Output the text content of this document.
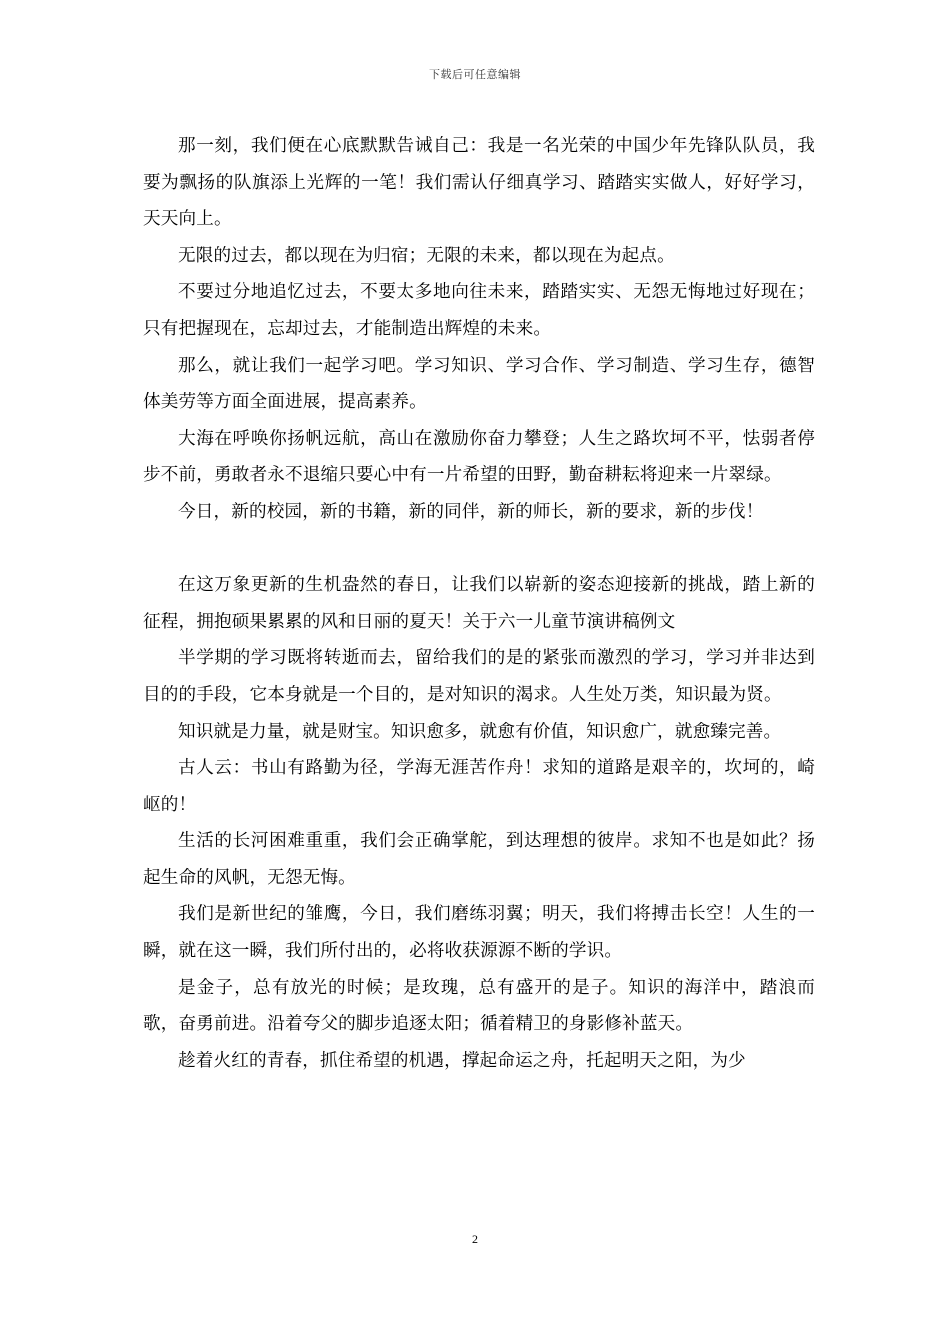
下载后可任意编辑

那一刻，我们便在心底默默告诫自己：我是一名光荣的中国少年先锋队队员，我要为飘扬的队旗添上光辉的一笔！我们需认仔细真学习、踏踏实实做人，好好学习，天天向上。

无限的过去，都以现在为归宿；无限的未来，都以现在为起点。

不要过分地追忆过去，不要太多地向往未来，踏踏实实、无怨无悔地过好现在；只有把握现在，忘却过去，才能制造出辉煌的未来。

那么，就让我们一起学习吧。学习知识、学习合作、学习制造、学习生存，德智体美劳等方面全面进展，提高素养。

大海在呼唤你扬帆远航，高山在激励你奋力攀登；人生之路坎坷不平，怯弱者停步不前，勇敢者永不退缩只要心中有一片希望的田野，勤奋耕耘将迎来一片翠绿。

今日，新的校园，新的书籍，新的同伴，新的师长，新的要求，新的步伐！

在这万象更新的生机盎然的春日，让我们以崭新的姿态迎接新的挑战，踏上新的征程，拥抱硕果累累的风和日丽的夏天！关于六一儿童节演讲稿例文

半学期的学习既将转逝而去，留给我们的是的紧张而激烈的学习，学习并非达到目的的手段，它本身就是一个目的，是对知识的渴求。人生处万类，知识最为贤。

知识就是力量，就是财宝。知识愈多，就愈有价值，知识愈广，就愈臻完善。

古人云：书山有路勤为径，学海无涯苦作舟！求知的道路是艰辛的，坎坷的，崎岖的！

生活的长河困难重重，我们会正确掌舵，到达理想的彼岸。求知不也是如此？扬起生命的风帆，无怨无悔。

我们是新世纪的雏鹰，今日，我们磨练羽翼；明天，我们将搏击长空！人生的一瞬，就在这一瞬，我们所付出的，必将收获源源不断的学识。

是金子，总有放光的时候；是玫瑰，总有盛开的是子。知识的海洋中，踏浪而歌，奋勇前进。沿着夸父的脚步追逐太阳；循着精卫的身影修补蓝天。

趁着火红的青春，抓住希望的机遇，撑起命运之舟，托起明天之阳，为少

2
